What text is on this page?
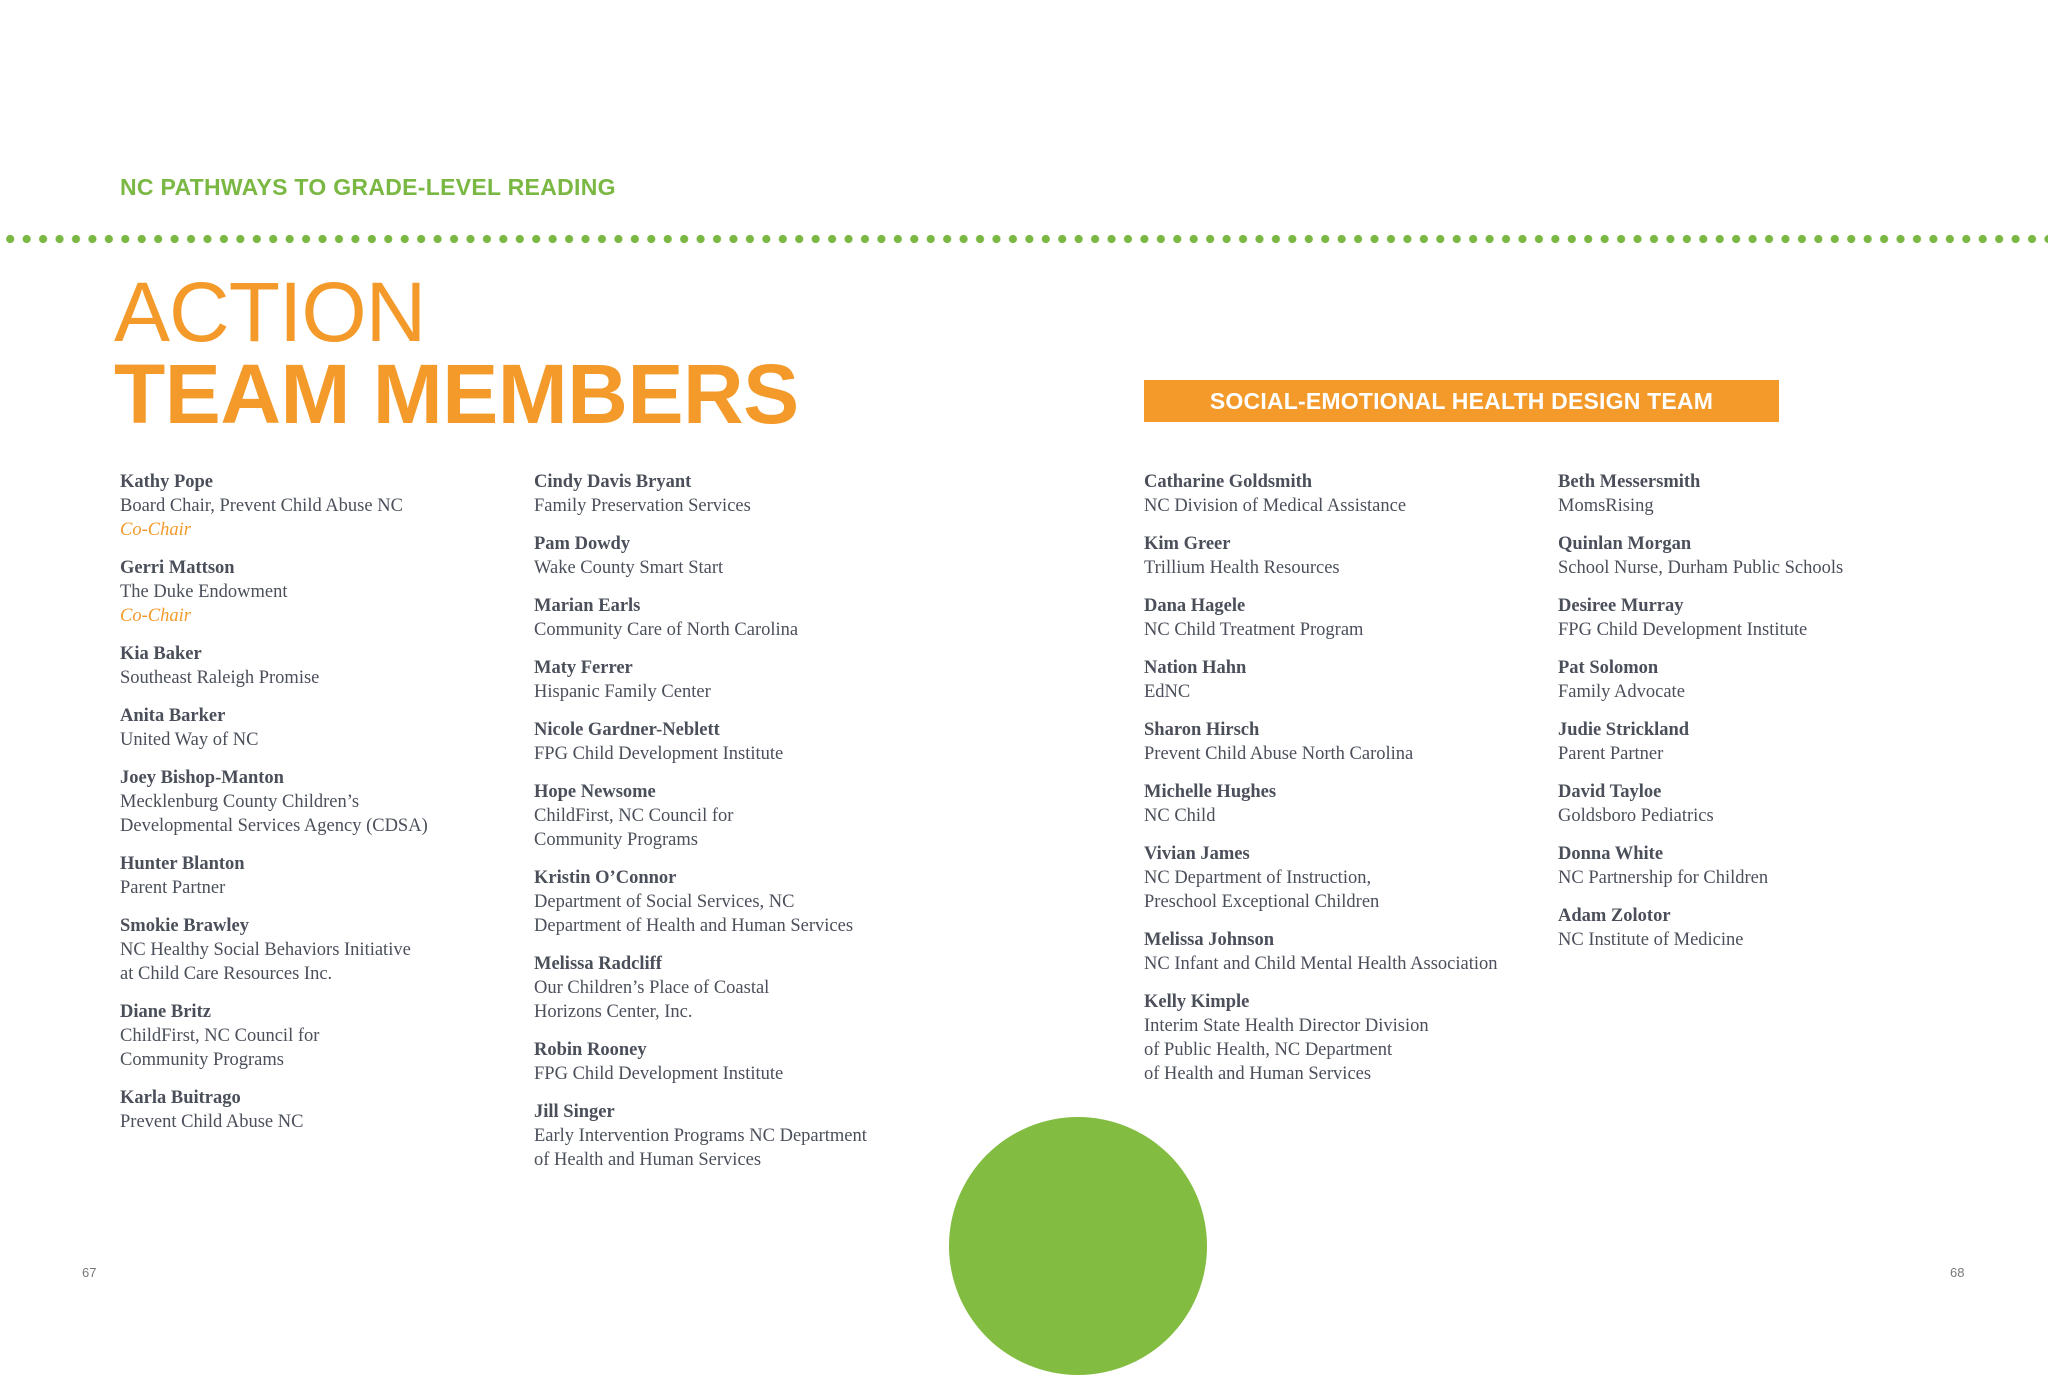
NC PATHWAYS TO GRADE-LEVEL READING
ACTION
TEAM MEMBERS	SOCIAL-EMOTIONAL HEALTH DESIGN TEAM
Kathy Pope
Board Chair, Prevent Child Abuse NC
Co-Chair
Gerri Mattson
The Duke Endowment
Co-Chair
Kia Baker
Southeast Raleigh Promise
Anita Barker
United Way of NC
Joey Bishop-Manton
Mecklenburg County Children’s
Developmental Services Agency (CDSA)
Hunter Blanton
Parent Partner
Smokie Brawley
NC Healthy Social Behaviors Initiative
at Child Care Resources Inc.
Diane Britz
ChildFirst, NC Council for
Community Programs
Karla Buitrago
Prevent Child Abuse NC
Cindy Davis Bryant
Family Preservation Services
Pam Dowdy
Wake County Smart Start
Marian Earls
Community Care of North Carolina
Maty Ferrer
Hispanic Family Center
Nicole Gardner-Neblett
FPG Child Development Institute
Hope Newsome
ChildFirst, NC Council for
Community Programs
Kristin O’Connor
Department of Social Services, NC
Department of Health and Human Services
Melissa Radcliff
Our Children’s Place of Coastal
Horizons Center, Inc.
Robin Rooney
FPG Child Development Institute
Jill Singer
Early Intervention Programs NC Department
of Health and Human Services
Catharine Goldsmith
NC Division of Medical Assistance
Kim Greer
Trillium Health Resources
Dana Hagele
NC Child Treatment Program
Nation Hahn
EdNC
Sharon Hirsch
Prevent Child Abuse North Carolina
Michelle Hughes
NC Child
Vivian James
NC Department of Instruction,
Preschool Exceptional Children
Melissa Johnson
NC Infant and Child Mental Health Association
Kelly Kimple
Interim State Health Director Division
of Public Health, NC Department
of Health and Human Services
Beth Messersmith
MomsRising
Quinlan Morgan
School Nurse, Durham Public Schools
Desiree Murray
FPG Child Development Institute
Pat Solomon
Family Advocate
Judie Strickland
Parent Partner
David Tayloe
Goldsboro Pediatrics
Donna White
NC Partnership for Children
Adam Zolotor
NC Institute of Medicine
67	68
